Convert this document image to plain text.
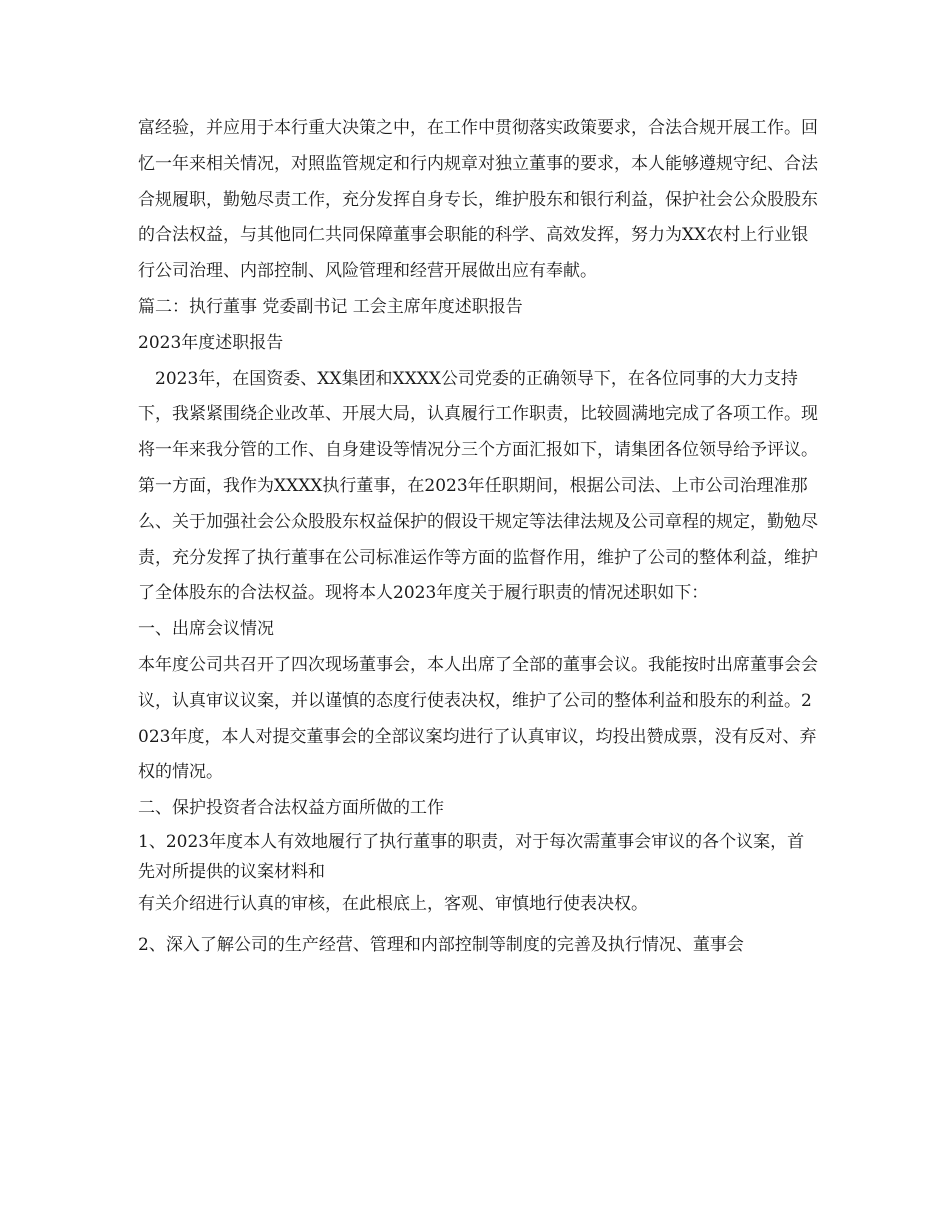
富经验，并应用于本行重大决策之中，在工作中贯彻落实政策要求，合法合规开展工作。回忆一年来相关情况，对照监管规定和行内规章对独立董事的要求，本人能够遵规守纪、合法合规履职，勤勉尽责工作，充分发挥自身专长，维护股东和银行利益，保护社会公众股股东的合法权益，与其他同仁共同保障董事会职能的科学、高效发挥，努力为XX农村上行业银行公司治理、内部控制、风险管理和经营开展做出应有奉献。

篇二：执行董事 党委副书记 工会主席年度述职报告

2023年度述职报告

　2023年，在国资委、XX集团和XXXX公司党委的正确领导下，在各位同事的大力支持下，我紧紧围绕企业改革、开展大局，认真履行工作职责，比较圆满地完成了各项工作。现将一年来我分管的工作、自身建设等情况分三个方面汇报如下，请集团各位领导给予评议。

第一方面，我作为XXXX执行董事，在2023年任职期间，根据公司法、上市公司治理准那么、关于加强社会公众股股东权益保护的假设干规定等法律法规及公司章程的规定，勤勉尽责，充分发挥了执行董事在公司标准运作等方面的监督作用，维护了公司的整体利益，维护了全体股东的合法权益。现将本人2023年度关于履行职责的情况述职如下：

一、出席会议情况

本年度公司共召开了四次现场董事会，本人出席了全部的董事会议。我能按时出席董事会会议，认真审议议案，并以谨慎的态度行使表决权，维护了公司的整体利益和股东的利益。2023年度，本人对提交董事会的全部议案均进行了认真审议，均投出赞成票，没有反对、弃权的情况。

二、保护投资者合法权益方面所做的工作

1、2023年度本人有效地履行了执行董事的职责，对于每次需董事会审议的各个议案，首先对所提供的议案材料和

有关介绍进行认真的审核，在此根底上，客观、审慎地行使表决权。

2、深入了解公司的生产经营、管理和内部控制等制度的完善及执行情况、董事会
